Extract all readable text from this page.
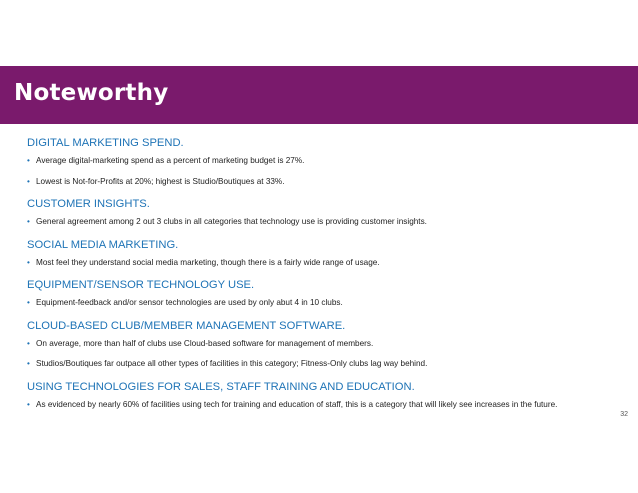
Noteworthy
DIGITAL MARKETING SPEND.
• Average digital-marketing spend as a percent of marketing budget is 27%.
• Lowest is Not-for-Profits at 20%; highest is Studio/Boutiques at 33%.
CUSTOMER INSIGHTS.
• General agreement among 2 out 3 clubs in all categories that technology use is providing customer insights.
SOCIAL MEDIA MARKETING.
• Most feel they understand social media marketing, though there is a fairly wide range of usage.
EQUIPMENT/SENSOR TECHNOLOGY USE.
• Equipment-feedback and/or sensor technologies are used by only abut 4 in 10 clubs.
CLOUD-BASED CLUB/MEMBER MANAGEMENT SOFTWARE.
• On average, more than half of clubs use Cloud-based software for management of members.
• Studios/Boutiques far outpace all other types of facilities in this category; Fitness-Only clubs lag way behind.
USING TECHNOLOGIES FOR SALES, STAFF TRAINING AND EDUCATION.
• As evidenced by nearly 60% of facilities using tech for training and education of staff, this is a category that will likely see increases in the future.
32
